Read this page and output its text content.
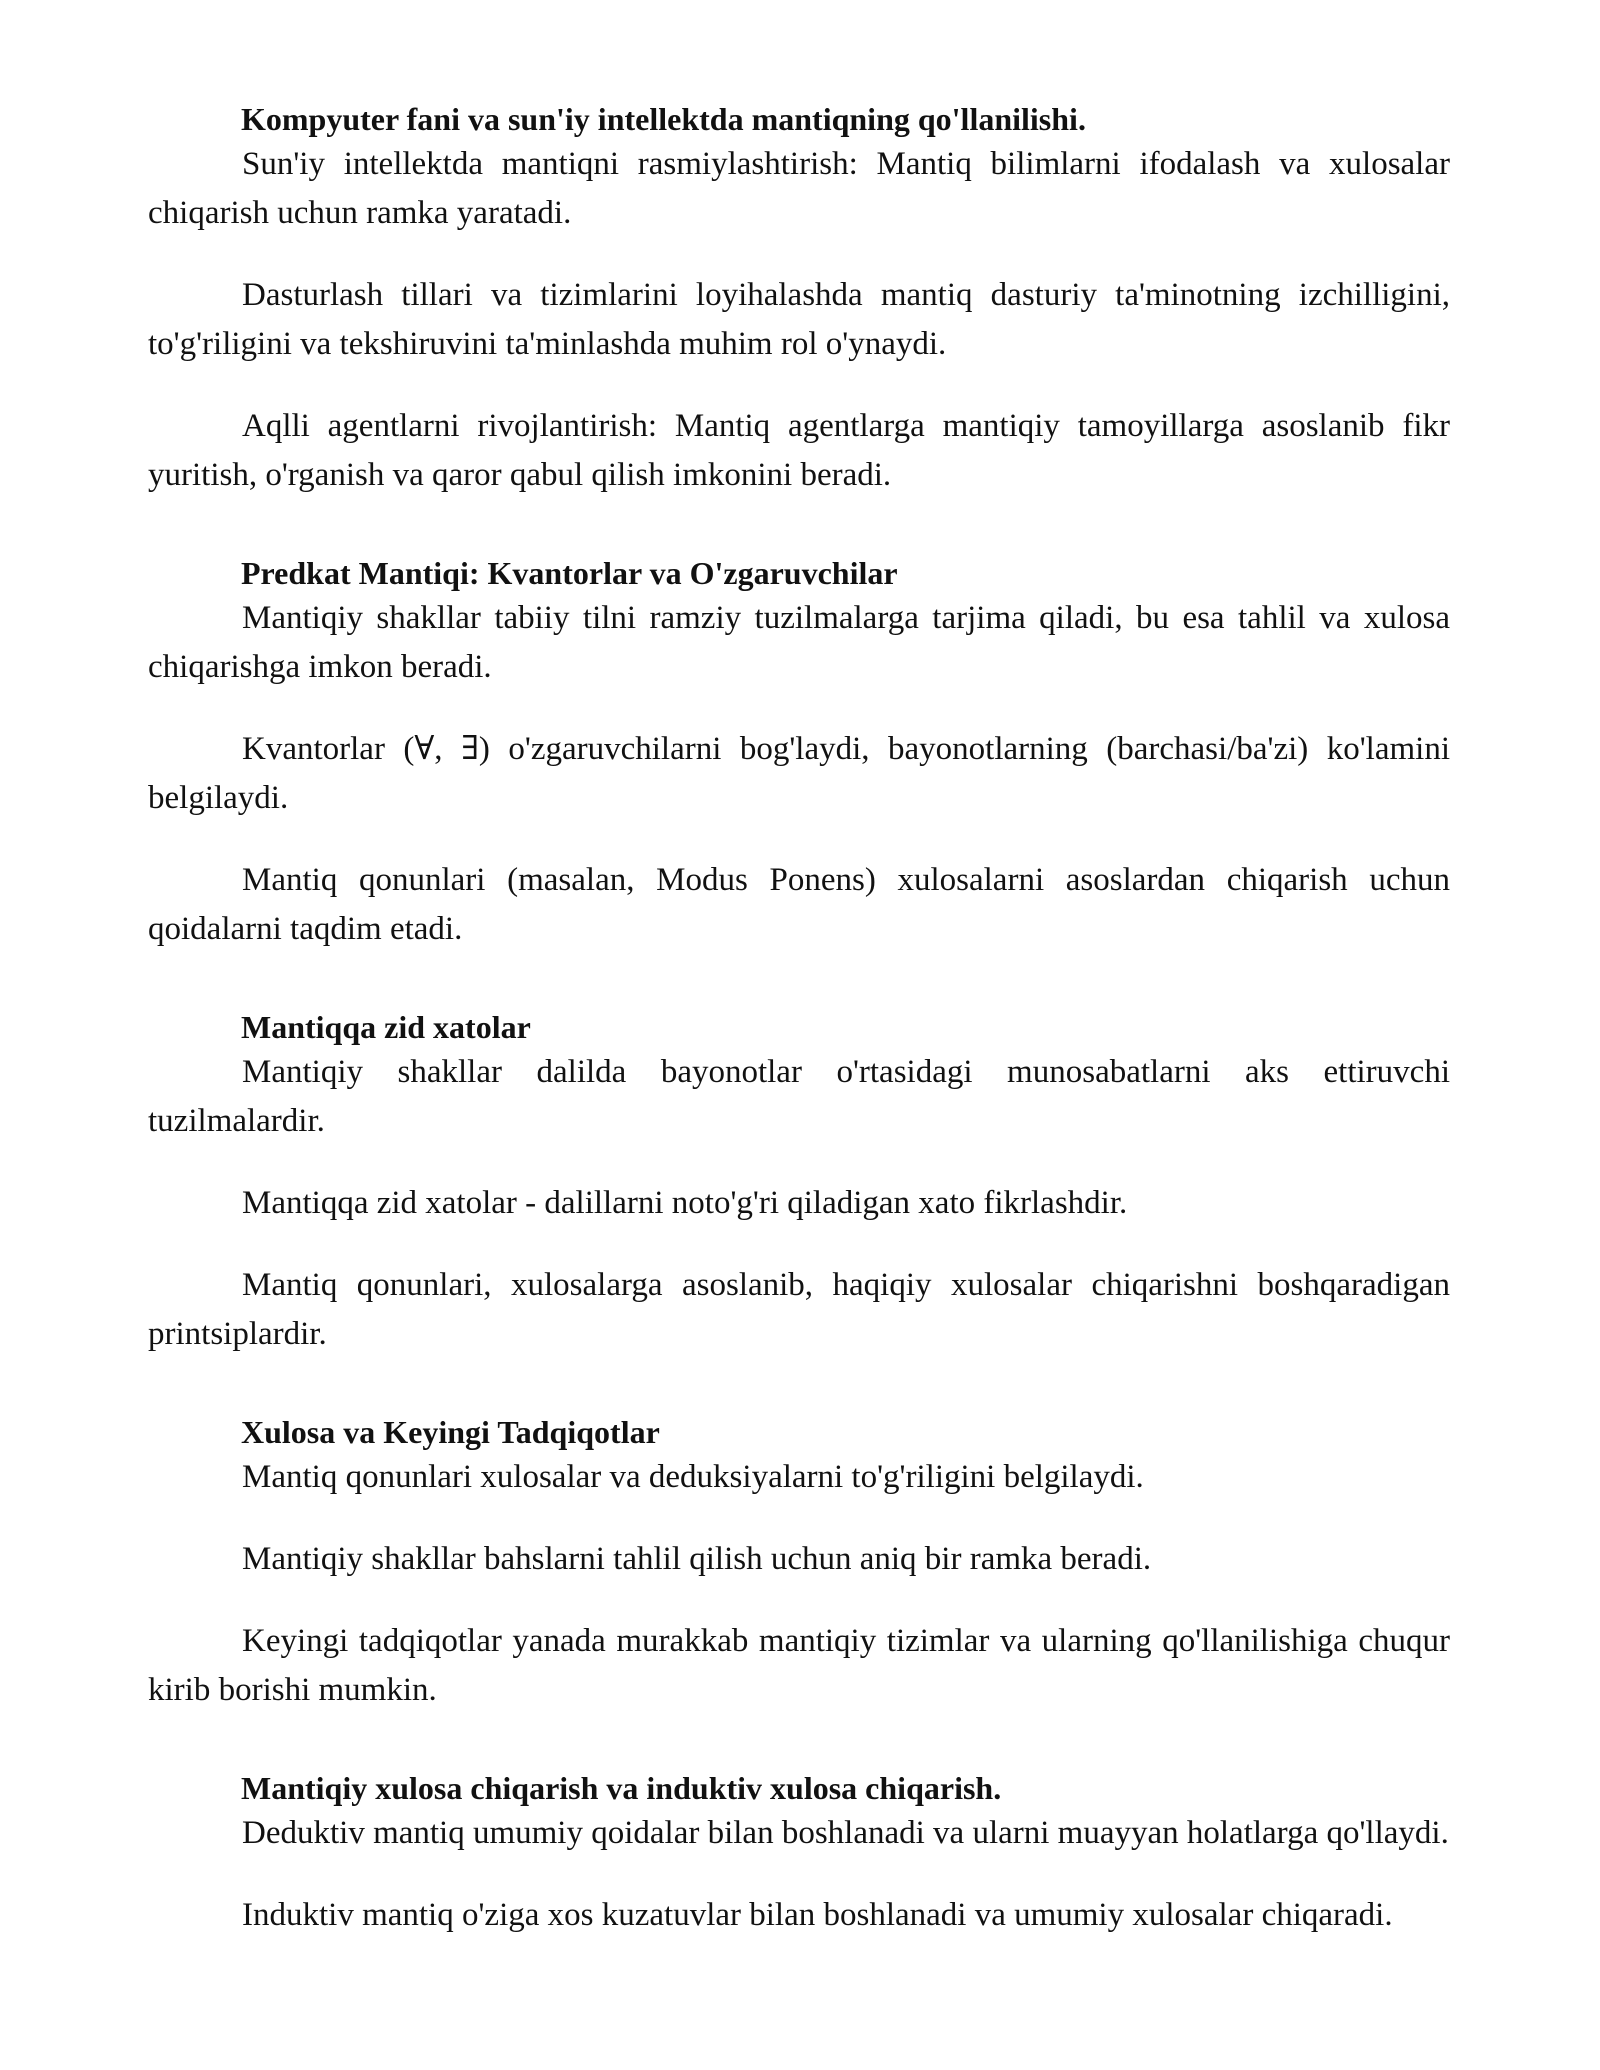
Kompyuter fani va sun'iy intellektda mantiqning qo'llanilishi.

Sun'iy intellektda mantiqni rasmiylashtirish: Mantiq bilimlarni ifodalash va xulosalar chiqarish uchun ramka yaratadi.

Dasturlash tillari va tizimlarini loyihalashda mantiq dasturiy ta'minotning izchilligini, to'g'riligini va tekshiruvini ta'minlashda muhim rol o'ynaydi.

Aqlli agentlarni rivojlantirish: Mantiq agentlarga mantiqiy tamoyillarga asoslanib fikr yuritish, o'rganish va qaror qabul qilish imkonini beradi.

Predkat Mantiqi: Kvantorlar va O'zgaruvchilar

Mantiqiy shakllar tabiiy tilni ramziy tuzilmalarga tarjima qiladi, bu esa tahlil va xulosa chiqarishga imkon beradi.

Kvantorlar (∀, ∃) o'zgaruvchilarni bog'laydi, bayonotlarning (barchasi/ba'zi) ko'lamini belgilaydi.

Mantiq qonunlari (masalan, Modus Ponens) xulosalarni asoslardan chiqarish uchun qoidalarni taqdim etadi.

Mantiqqa zid xatolar

Mantiqiy shakllar dalilda bayonotlar o'rtasidagi munosabatlarni aks ettiruvchi tuzilmalardir.

Mantiqqa zid xatolar - dalillarni noto'g'ri qiladigan xato fikrlashdir.

Mantiq qonunlari, xulosalarga asoslanib, haqiqiy xulosalar chiqarishni boshqaradigan printsiplardir.

Xulosa va Keyingi Tadqiqotlar

Mantiq qonunlari xulosalar va deduksiyalarni to'g'riligini belgilaydi.

Mantiqiy shakllar bahslarni tahlil qilish uchun aniq bir ramka beradi.

Keyingi tadqiqotlar yanada murakkab mantiqiy tizimlar va ularning qo'llanilishiga chuqur kirib borishi mumkin.

Mantiqiy xulosa chiqarish va induktiv xulosa chiqarish.

Deduktiv mantiq umumiy qoidalar bilan boshlanadi va ularni muayyan holatlarga qo'llaydi.

Induktiv mantiq o'ziga xos kuzatuvlar bilan boshlanadi va umumiy xulosalar chiqaradi.
